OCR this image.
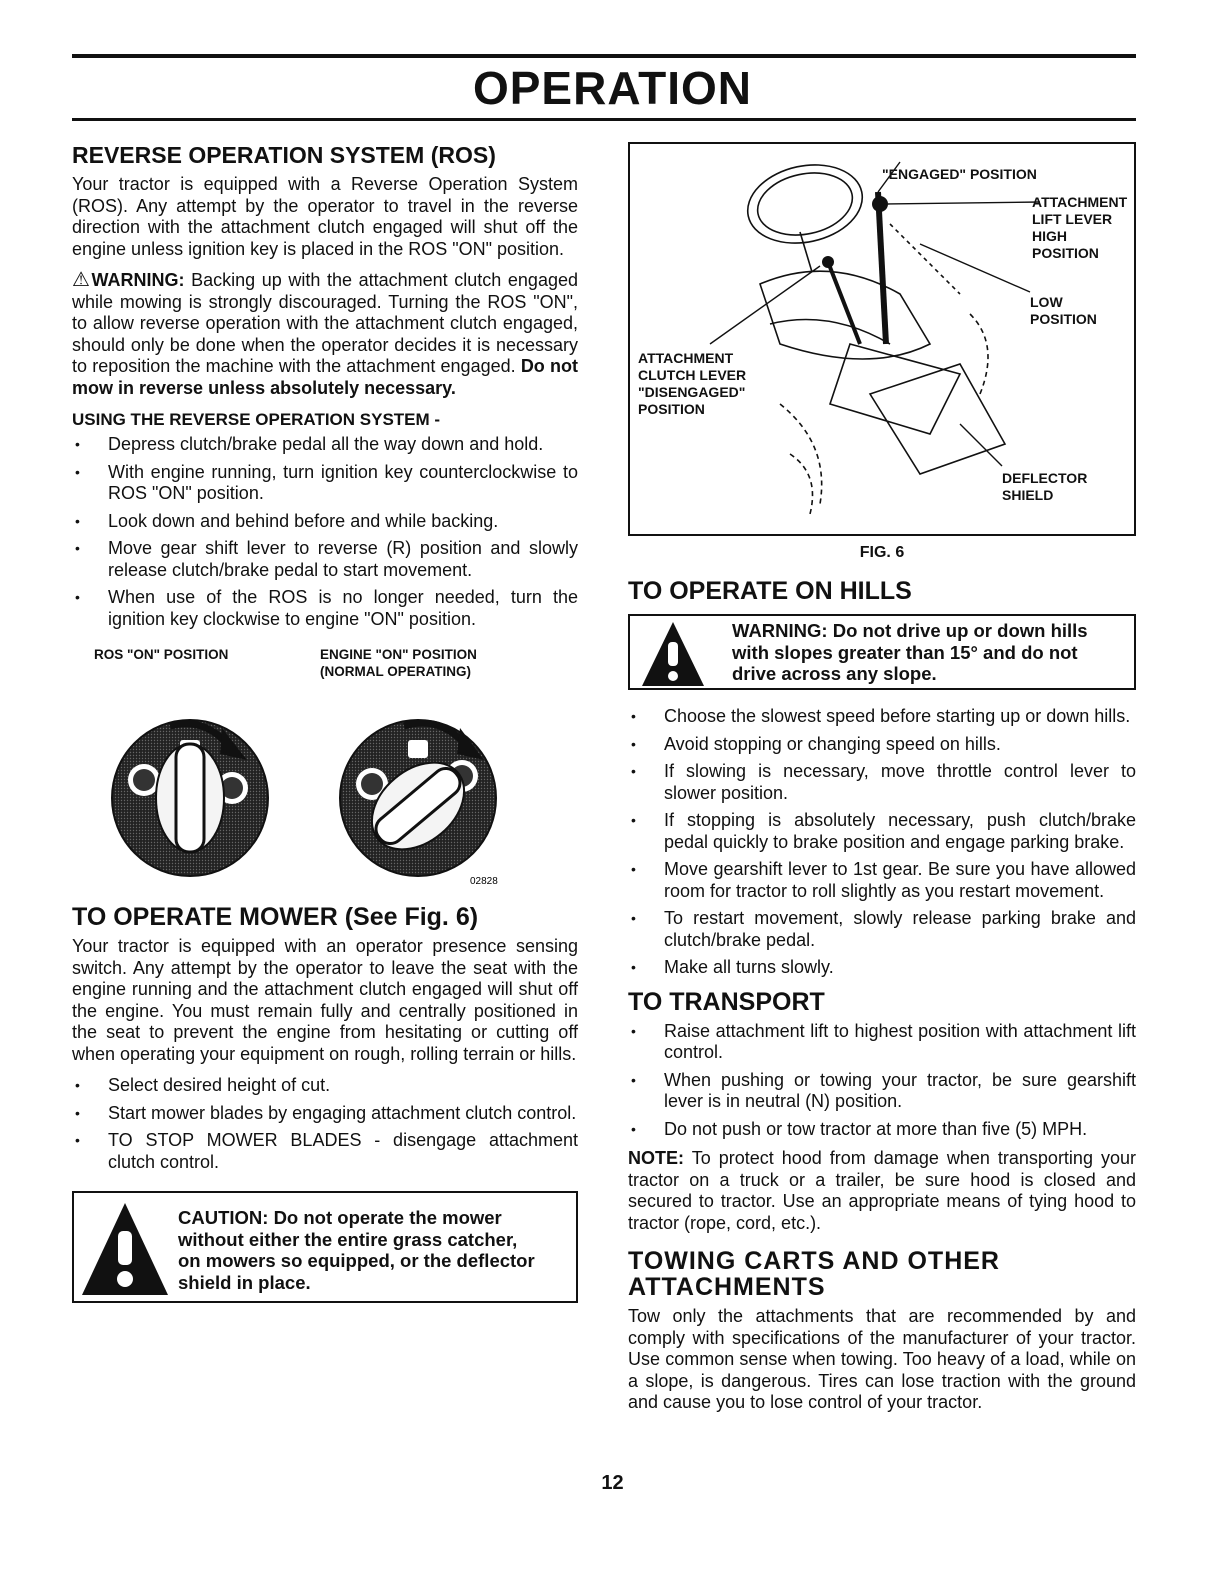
OPERATION
REVERSE OPERATION SYSTEM (ROS)

Your tractor is equipped with a Reverse Operation System (ROS). Any attempt by the operator to travel in the reverse direction with the attachment clutch engaged will shut off the engine unless ignition key is placed in the ROS "ON" position.

⚠WARNING: Backing up with the attachment clutch engaged while mowing is strongly discouraged. Turning the ROS "ON", to allow reverse operation with the attachment clutch engaged, should only be done when the operator decides it is necessary to reposition the machine with the attachment engaged. Do not mow in reverse unless absolutely necessary.

USING THE REVERSE OPERATION SYSTEM -
• Depress clutch/brake pedal all the way down and hold.
• With engine running, turn ignition key counterclockwise to ROS "ON" position.
• Look down and behind before and while backing.
• Move gear shift lever to reverse (R) position and slowly release clutch/brake pedal to start movement.
• When use of the ROS is no longer needed, turn the ignition key clockwise to engine "ON" position.
ROS "ON" POSITION	ENGINE "ON" POSITION
(NORMAL OPERATING)
02828
TO OPERATE MOWER (See Fig. 6)

Your tractor is equipped with an operator presence sensing switch. Any attempt by the operator to leave the seat with the engine running and the attachment clutch engaged will shut off the engine. You must remain fully and centrally positioned in the seat to prevent the engine from hesitating or cutting off when operating your equipment on rough, rolling terrain or hills.

• Select desired height of cut.
• Start mower blades by engaging attachment clutch control.
• TO STOP MOWER BLADES - disengage attachment clutch control.
CAUTION: Do not operate the mower without either the entire grass catcher, on mowers so equipped, or the deflector shield in place.
"ENGAGED" POSITION
ATTACHMENT
LIFT LEVER
HIGH POSITION
LOW
POSITION
ATTACHMENT
CLUTCH LEVER
"DISENGAGED"
POSITION
DEFLECTOR
SHIELD
FIG. 6
TO OPERATE ON HILLS
WARNING: Do not drive up or down hills with slopes greater than 15° and do not drive across any slope.
• Choose the slowest speed before starting up or down hills.
• Avoid stopping or changing speed on hills.
• If slowing is necessary, move throttle control lever to slower position.
• If stopping is absolutely necessary, push clutch/brake pedal quickly to brake position and engage parking brake.
• Move gearshift lever to 1st gear. Be sure you have allowed room for tractor to roll slightly as you restart movement.
• To restart movement, slowly release parking brake and clutch/brake pedal.
• Make all turns slowly.
TO TRANSPORT
• Raise attachment lift to highest position with attachment lift control.
• When pushing or towing your tractor, be sure gearshift lever is in neutral (N) position.
• Do not push or tow tractor at more than five (5) MPH.

NOTE: To protect hood from damage when transporting your tractor on a truck or a trailer, be sure hood is closed and secured to tractor. Use an appropriate means of tying hood to tractor (rope, cord, etc.).

TOWING CARTS AND OTHER ATTACHMENTS

Tow only the attachments that are recommended by and comply with specifications of the manufacturer of your tractor. Use common sense when towing. Too heavy of a load, while on a slope, is dangerous. Tires can lose traction with the ground and cause you to lose control of your tractor.

12
